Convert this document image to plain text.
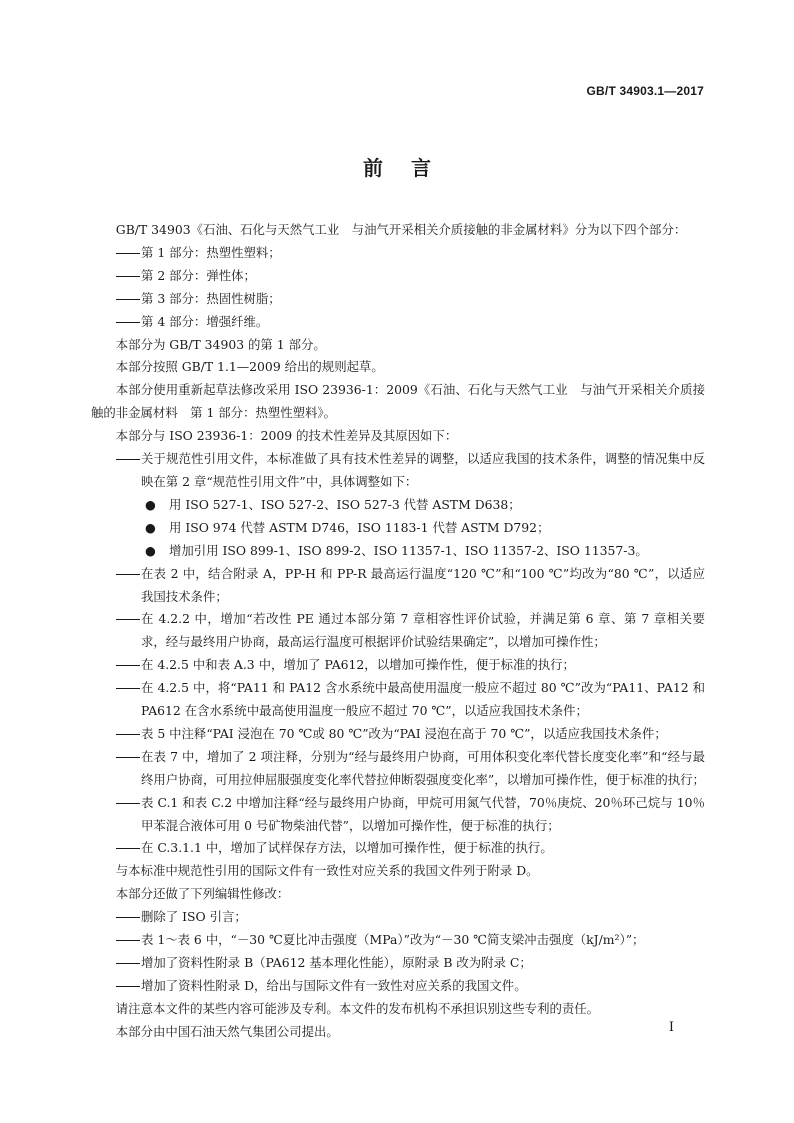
GB/T 34903.1—2017
前言

GB/T 34903《石油、石化与天然气工业　与油气开采相关介质接触的非金属材料》分为以下四个部分：

第 1 部分：热塑性塑料；
第 2 部分：弹性体；
第 3 部分：热固性树脂；
第 4 部分：增强纤维。

本部分为 GB/T 34903 的第 1 部分。

本部分按照 GB/T 1.1—2009 给出的规则起草。

本部分使用重新起草法修改采用 ISO 23936-1：2009《石油、石化与天然气工业　与油气开采相关介质接触的非金属材料　第 1 部分：热塑性塑料》。

本部分与 ISO 23936-1：2009 的技术性差异及其原因如下：

关于规范性引用文件，本标准做了具有技术性差异的调整，以适应我国的技术条件，调整的情况集中反映在第 2 章“规范性引用文件”中，具体调整如下：
●	用 ISO 527-1、ISO 527-2、ISO 527-3 代替 ASTM D638；
●	用 ISO 974 代替 ASTM D746，ISO 1183-1 代替 ASTM D792；
●	增加引用 ISO 899-1、ISO 899-2、ISO 11357-1、ISO 11357-2、ISO 11357-3。
在表 2 中，结合附录 A，PP-H 和 PP-R 最高运行温度“120 ℃”和“100 ℃”均改为“80 ℃”，以适应我国技术条件；
在 4.2.2 中，增加“若改性 PE 通过本部分第 7 章相容性评价试验，并满足第 6 章、第 7 章相关要求，经与最终用户协商，最高运行温度可根据评价试验结果确定”，以增加可操作性；
在 4.2.5 中和表 A.3 中，增加了 PA612，以增加可操作性，便于标准的执行；
在 4.2.5 中，将“PA11 和 PA12 含水系统中最高使用温度一般应不超过 80 ℃”改为“PA11、PA12 和 PA612 在含水系统中最高使用温度一般应不超过 70 ℃”，以适应我国技术条件；
表 5 中注释“PAI 浸泡在 70 ℃或 80 ℃”改为“PAI 浸泡在高于 70 ℃”，以适应我国技术条件；
在表 7 中，增加了 2 项注释，分别为“经与最终用户协商，可用体积变化率代替长度变化率”和“经与最终用户协商，可用拉伸屈服强度变化率代替拉伸断裂强度变化率”，以增加可操作性，便于标准的执行；
表 C.1 和表 C.2 中增加注释“经与最终用户协商，甲烷可用氮气代替，70％庚烷、20％环己烷与 10％甲苯混合液体可用 0 号矿物柴油代替”，以增加可操作性，便于标准的执行；
在 C.3.1.1 中，增加了试样保存方法，以增加可操作性，便于标准的执行。

与本标准中规范性引用的国际文件有一致性对应关系的我国文件列于附录 D。

本部分还做了下列编辑性修改：

删除了 ISO 引言；
表 1～表 6 中，“－30 ℃夏比冲击强度（MPa）”改为“－30 ℃简支梁冲击强度（kJ/m²）”；
增加了资料性附录 B（PA612 基本理化性能），原附录 B 改为附录 C；
增加了资料性附录 D，给出与国际文件有一致性对应关系的我国文件。

请注意本文件的某些内容可能涉及专利。本文件的发布机构不承担识别这些专利的责任。

本部分由中国石油天然气集团公司提出。	I
